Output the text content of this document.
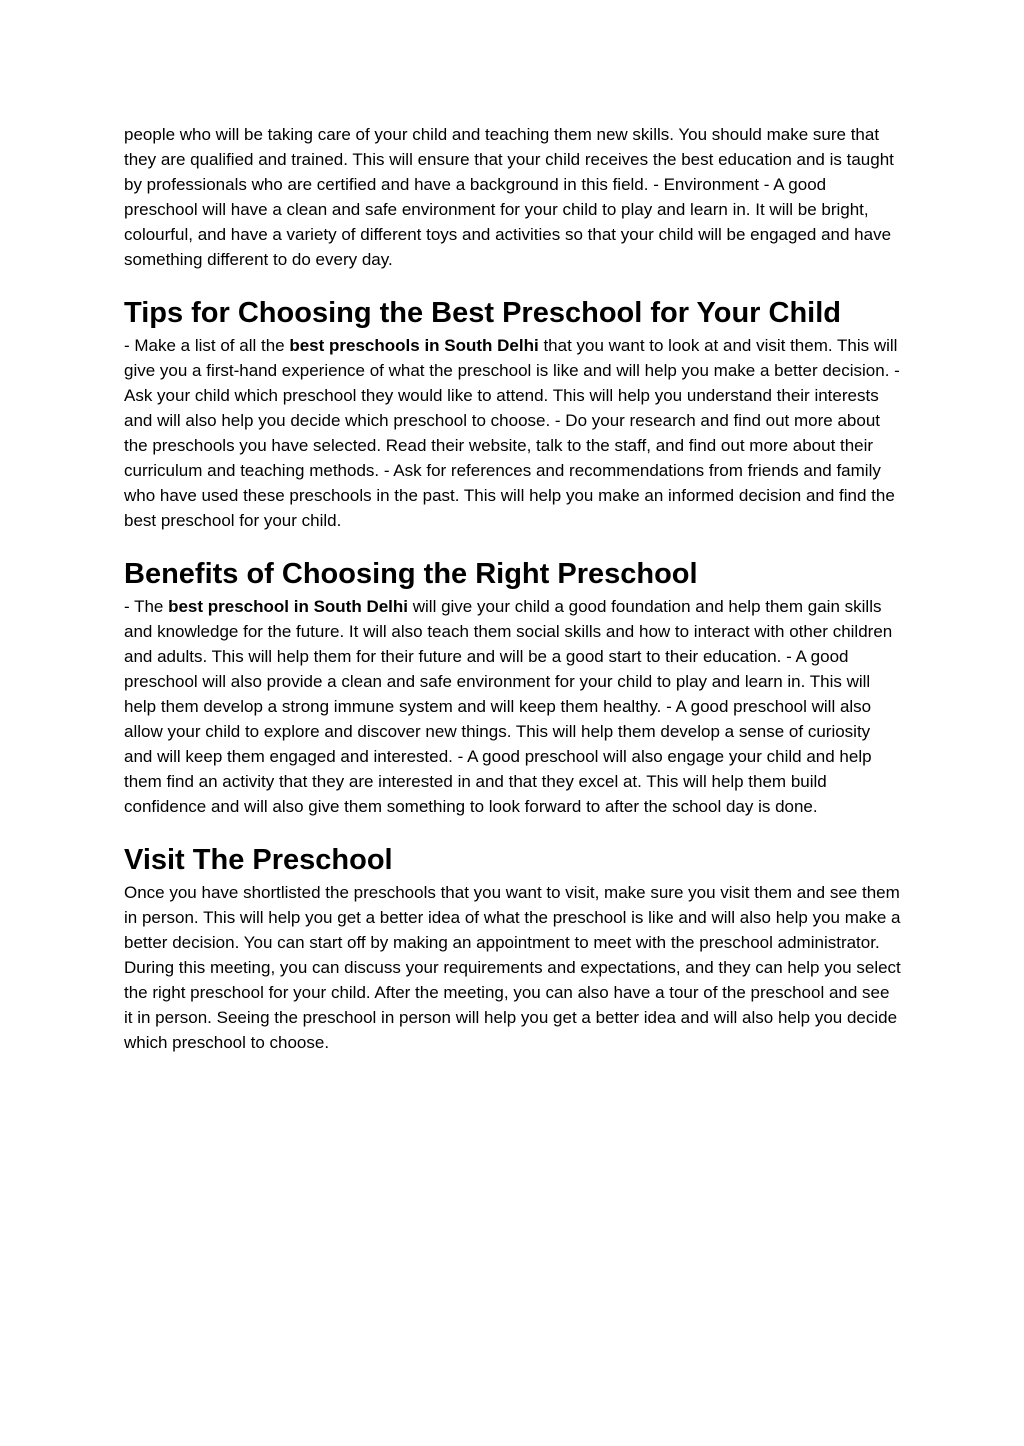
people who will be taking care of your child and teaching them new skills. You should make sure that they are qualified and trained. This will ensure that your child receives the best education and is taught by professionals who are certified and have a background in this field. - Environment - A good preschool will have a clean and safe environment for your child to play and learn in. It will be bright, colourful, and have a variety of different toys and activities so that your child will be engaged and have something different to do every day.

Tips for Choosing the Best Preschool for Your Child

- Make a list of all the best preschools in South Delhi that you want to look at and visit them. This will give you a first-hand experience of what the preschool is like and will help you make a better decision. - Ask your child which preschool they would like to attend. This will help you understand their interests and will also help you decide which preschool to choose. - Do your research and find out more about the preschools you have selected. Read their website, talk to the staff, and find out more about their curriculum and teaching methods. - Ask for references and recommendations from friends and family who have used these preschools in the past. This will help you make an informed decision and find the best preschool for your child.

Benefits of Choosing the Right Preschool

- The best preschool in South Delhi will give your child a good foundation and help them gain skills and knowledge for the future. It will also teach them social skills and how to interact with other children and adults. This will help them for their future and will be a good start to their education. - A good preschool will also provide a clean and safe environment for your child to play and learn in. This will help them develop a strong immune system and will keep them healthy. - A good preschool will also allow your child to explore and discover new things. This will help them develop a sense of curiosity and will keep them engaged and interested. - A good preschool will also engage your child and help them find an activity that they are interested in and that they excel at. This will help them build confidence and will also give them something to look forward to after the school day is done.

Visit The Preschool

Once you have shortlisted the preschools that you want to visit, make sure you visit them and see them in person. This will help you get a better idea of what the preschool is like and will also help you make a better decision. You can start off by making an appointment to meet with the preschool administrator. During this meeting, you can discuss your requirements and expectations, and they can help you select the right preschool for your child. After the meeting, you can also have a tour of the preschool and see it in person. Seeing the preschool in person will help you get a better idea and will also help you decide which preschool to choose.
